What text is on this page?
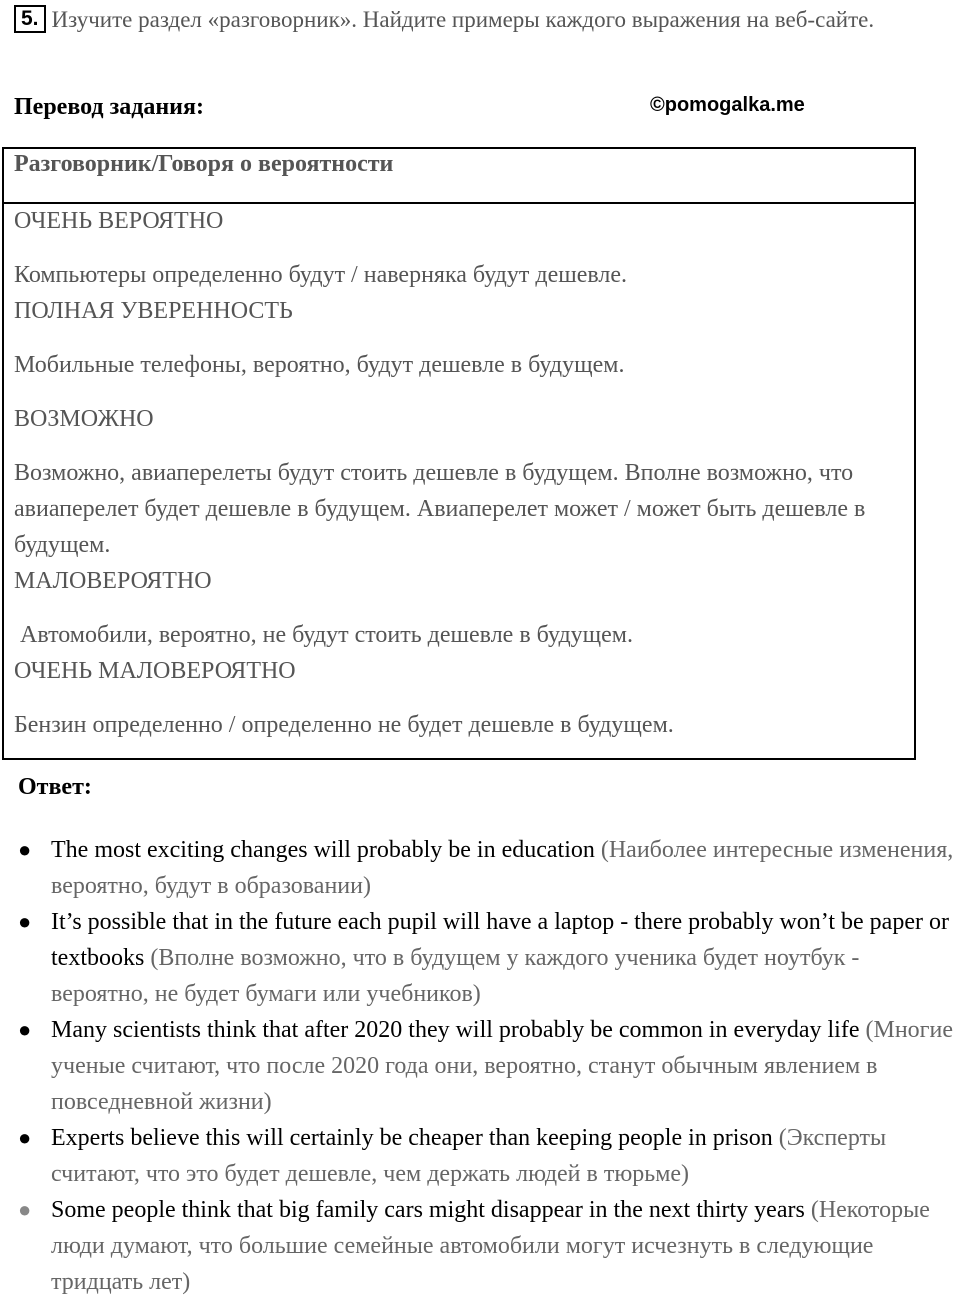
5. Изучите раздел «разговорник». Найдите примеры каждого выражения на веб-сайте.
Перевод задания:	©pomogalka.me
Разговорник/Говоря о вероятности
ОЧЕНЬ ВЕРОЯТНО
Компьютеры определенно будут / наверняка будут дешевле.
ПОЛНАЯ УВЕРЕННОСТЬ
Мобильные телефоны, вероятно, будут дешевле в будущем.
ВОЗМОЖНО
Возможно, авиаперелеты будут стоить дешевле в будущем. Вполне возможно, что авиаперелет будет дешевле в будущем. Авиаперелет может / может быть дешевле в будущем.
МАЛОВЕРОЯТНО
Автомобили, вероятно, не будут стоить дешевле в будущем.
ОЧЕНЬ МАЛОВЕРОЯТНО
Бензин определенно / определенно не будет дешевле в будущем.
Ответ:
● The most exciting changes will probably be in education (Наиболее интересные изменения, вероятно, будут в образовании)
● It’s possible that in the future each pupil will have a laptop - there probably won’t be paper or textbooks (Вполне возможно, что в будущем у каждого ученика будет ноутбук - вероятно, не будет бумаги или учебников)
● Many scientists think that after 2020 they will probably be common in everyday life (Многие ученые считают, что после 2020 года они, вероятно, станут обычным явлением в повседневной жизни)
● Experts believe this will certainly be cheaper than keeping people in prison (Эксперты считают, что это будет дешевле, чем держать людей в тюрьме)
● Some people think that big family cars might disappear in the next thirty years (Некоторые люди думают, что большие семейные автомобили могут исчезнуть в следующие тридцать лет)
